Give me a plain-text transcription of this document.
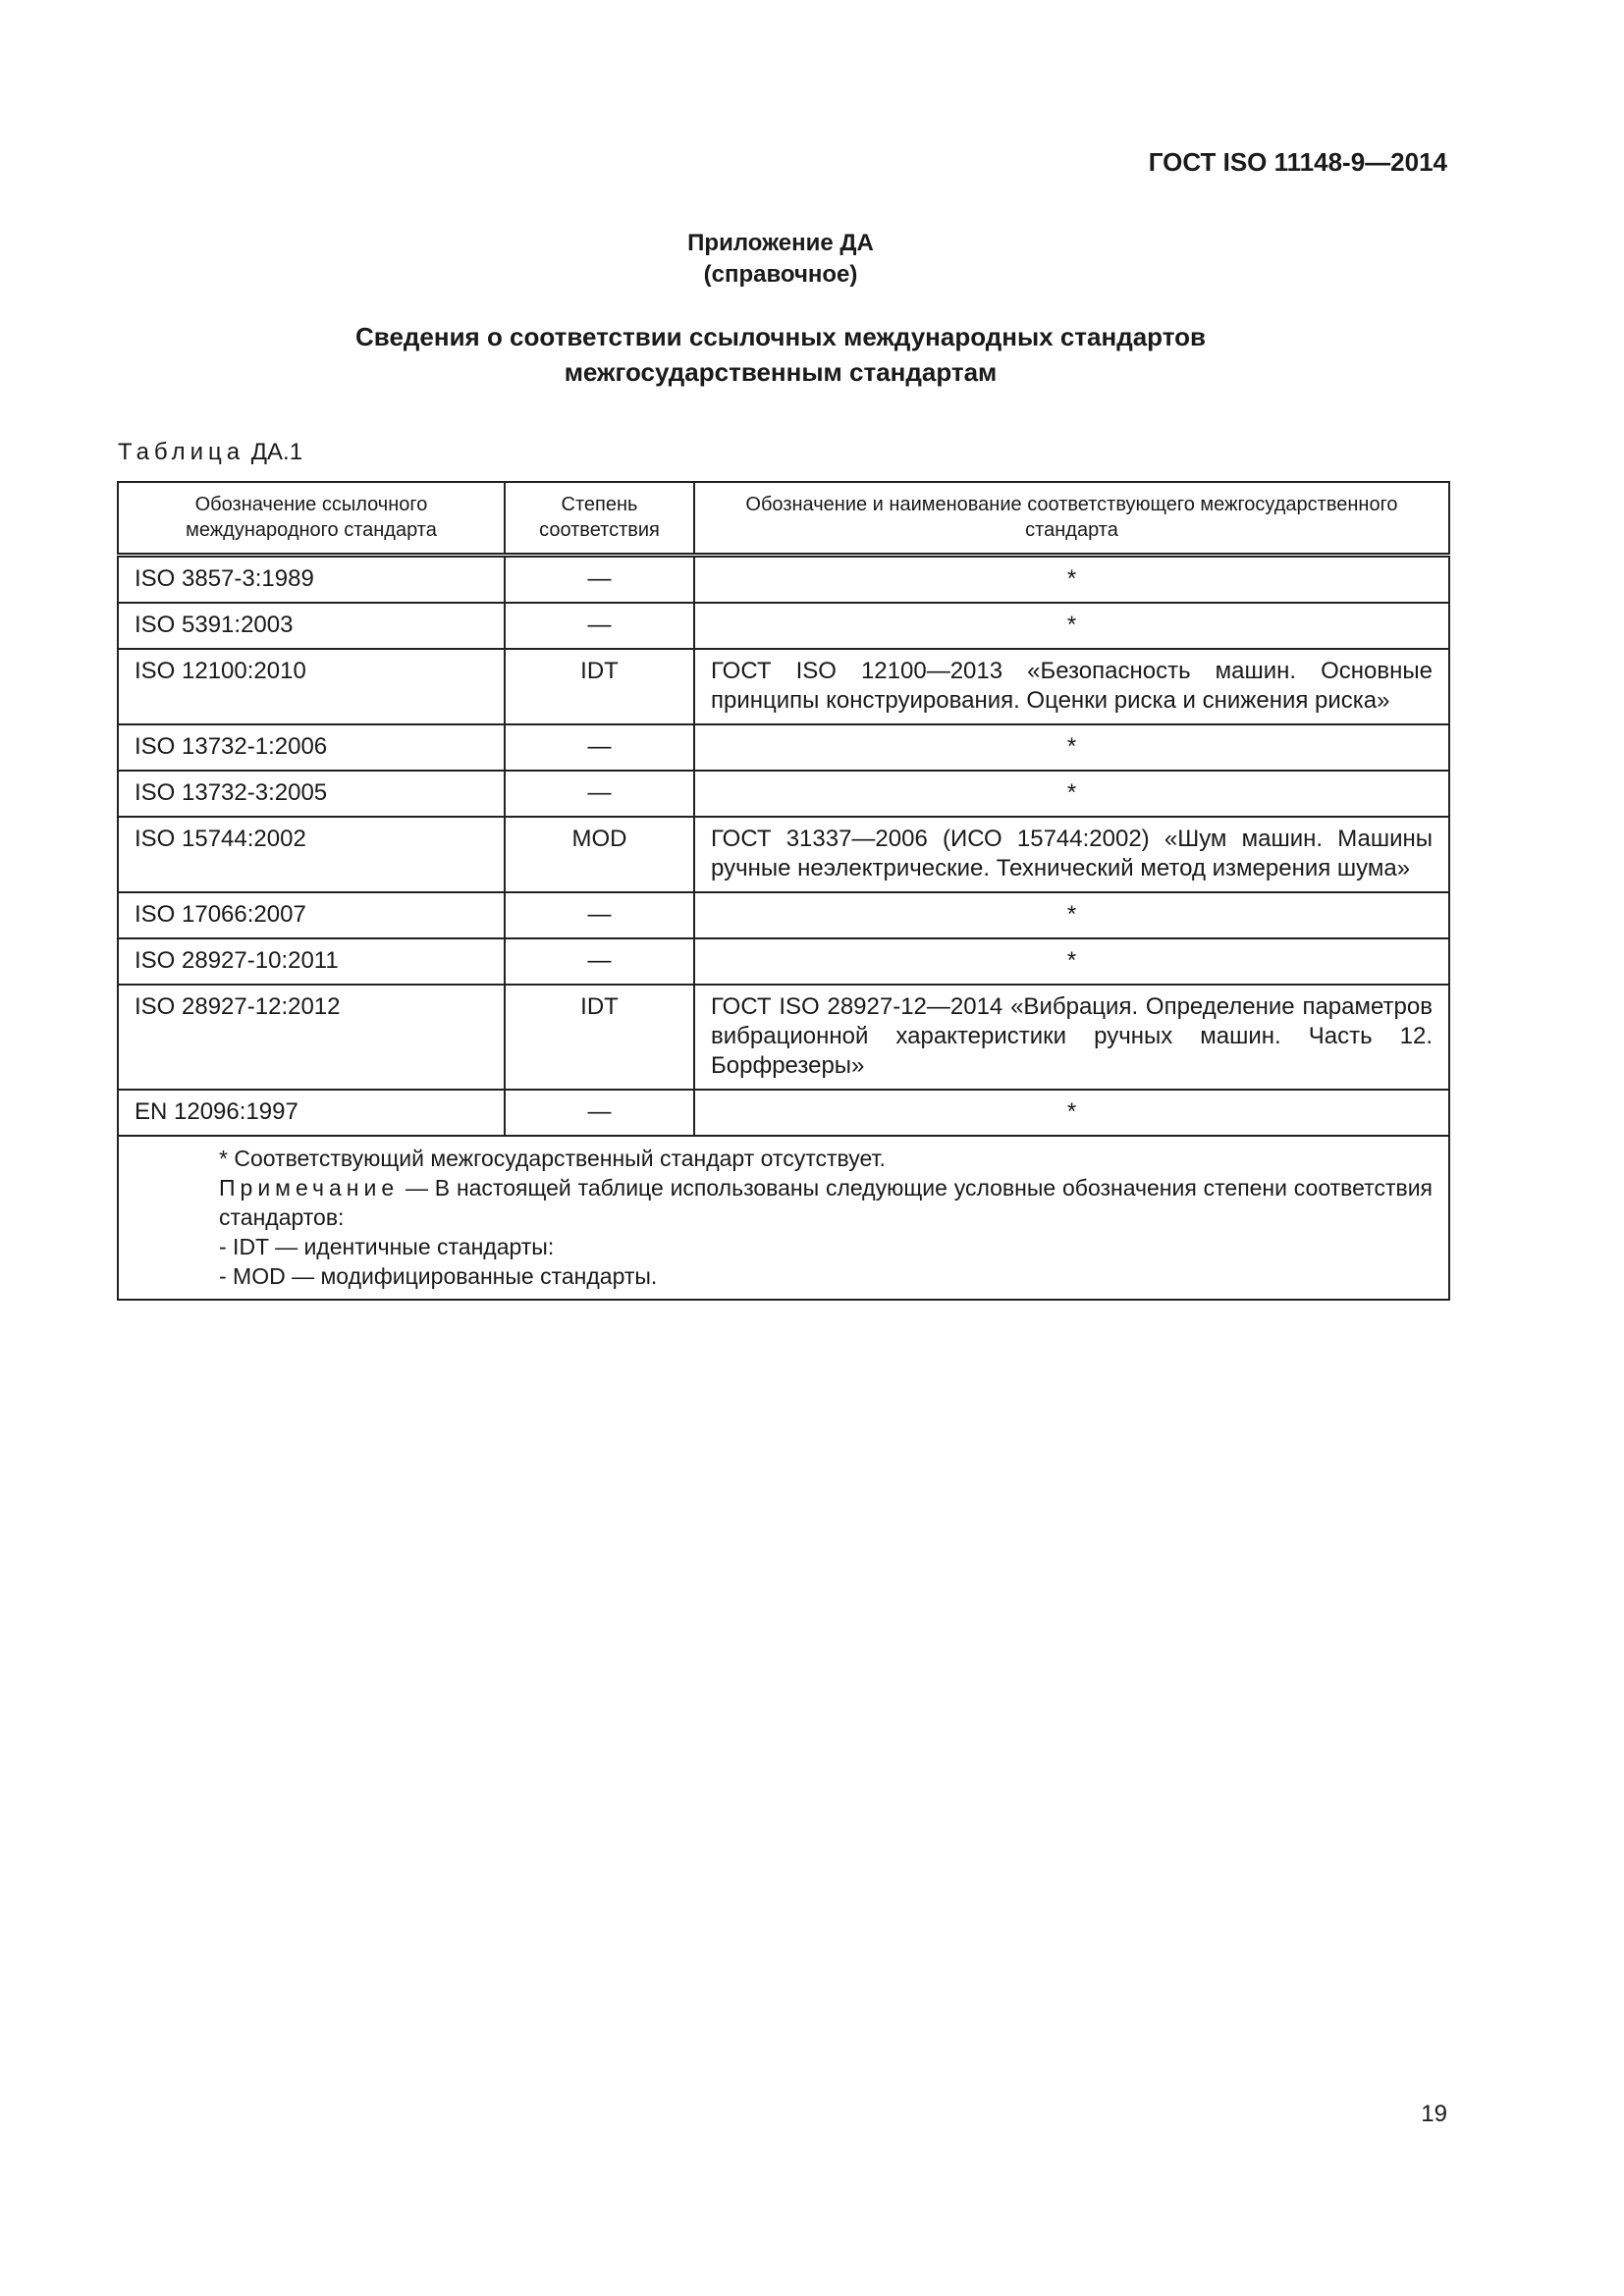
ГОСТ ISO 11148-9—2014
Приложение ДА
(справочное)
Сведения о соответствии ссылочных международных стандартов
межгосударственным стандартам
Таблица ДА.1
Обозначение ссылочного международного стандарта	Степень соответствия	Обозначение и наименование соответствующего межгосударственного стандарта
ISO 3857-3:1989	—	*
ISO 5391:2003	—	*
ISO 12100:2010	IDT	ГОСТ ISO 12100—2013 «Безопасность машин. Основные принципы конструирования. Оценки риска и снижения риска»
ISO 13732-1:2006	—	*
ISO 13732-3:2005	—	*
ISO 15744:2002	MOD	ГОСТ 31337—2006 (ИСО 15744:2002) «Шум машин. Машины ручные неэлектрические. Технический метод измерения шума»
ISO 17066:2007	—	*
ISO 28927-10:2011	—	*
ISO 28927-12:2012	IDT	ГОСТ ISO 28927-12—2014 «Вибрация. Определение параметров вибрационной характеристики ручных машин. Часть 12. Борфрезеры»
EN 12096:1997	—	*

* Соответствующий межгосударственный стандарт отсутствует.
Примечание — В настоящей таблице использованы следующие условные обозначения степени соответствия стандартов:
- IDT — идентичные стандарты:
- MOD — модифицированные стандарты.		
19
